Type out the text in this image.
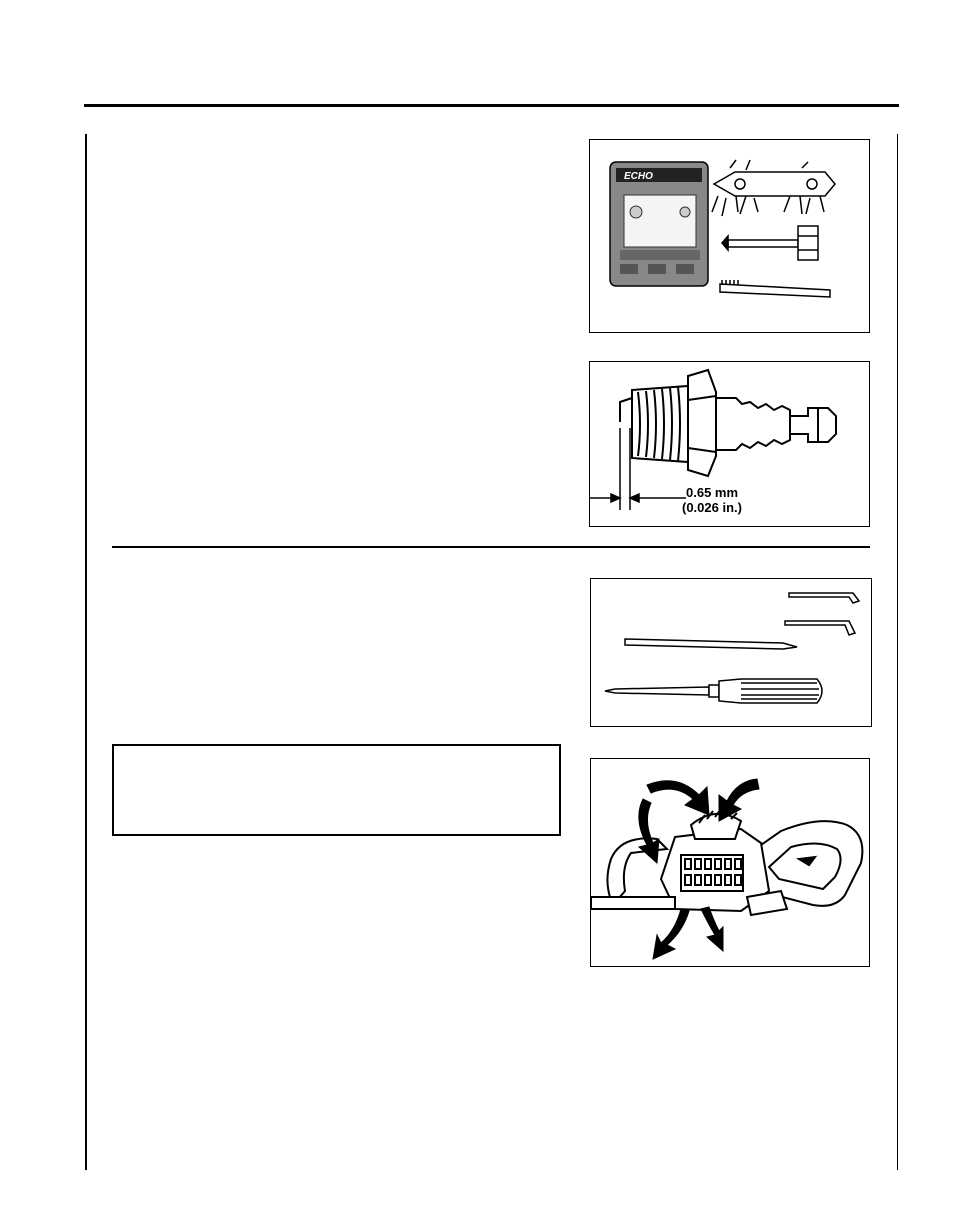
ECHO
0.65 mm
(0.026 in.)
